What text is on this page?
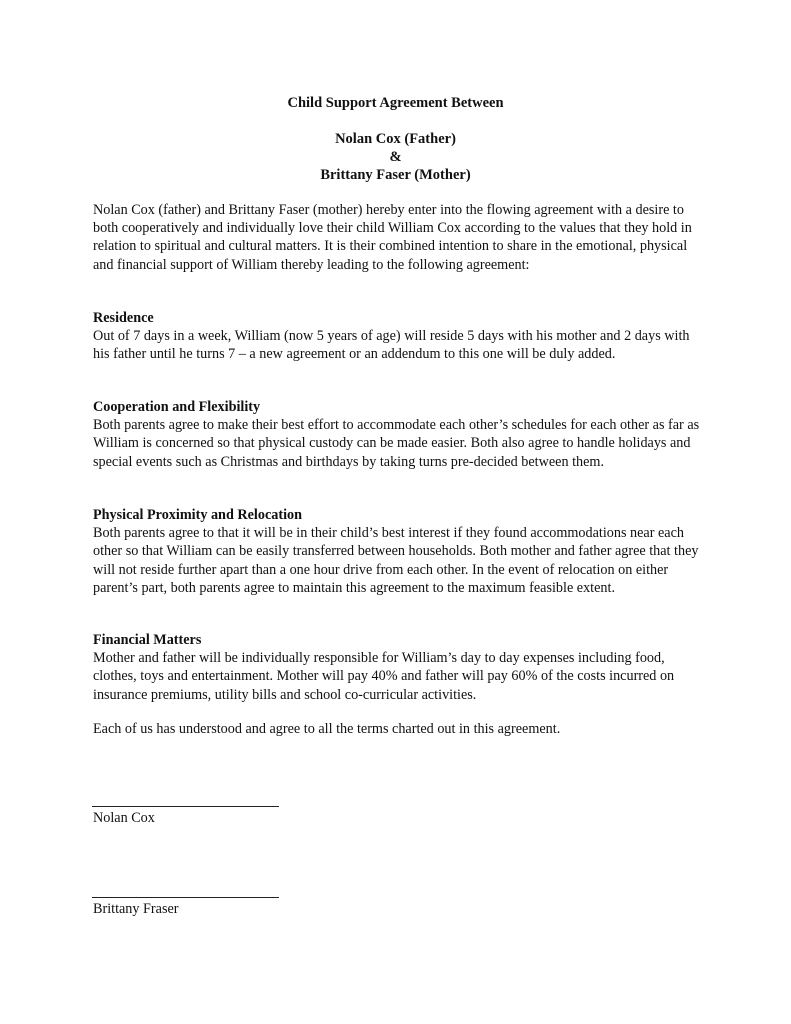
Child Support Agreement Between
Nolan Cox (Father)
&
Brittany Faser (Mother)
Nolan Cox (father) and Brittany Faser (mother) hereby enter into the flowing agreement with a desire to both cooperatively and individually love their child William Cox according to the values that they hold in relation to spiritual and cultural matters. It is their combined intention to share in the emotional, physical and financial support of William thereby leading to the following agreement:
Residence
Out of 7 days in a week, William (now 5 years of age) will reside 5 days with his mother and 2 days with his father until he turns 7 – a new agreement or an addendum to this one will be duly added.
Cooperation and Flexibility
Both parents agree to make their best effort to accommodate each other’s schedules for each other as far as William is concerned so that physical custody can be made easier. Both also agree to handle holidays and special events such as Christmas and birthdays by taking turns pre-decided between them.
Physical Proximity and Relocation
Both parents agree to that it will be in their child’s best interest if they found accommodations near each other so that William can be easily transferred between households. Both mother and father agree that they will not reside further apart than a one hour drive from each other. In the event of relocation on either parent’s part, both parents agree to maintain this agreement to the maximum feasible extent.
Financial Matters
Mother and father will be individually responsible for William’s day to day expenses including food, clothes, toys and entertainment. Mother will pay 40% and father will pay 60% of the costs incurred on insurance premiums, utility bills and school co-curricular activities.
Each of us has understood and agree to all the terms charted out in this agreement.
Nolan Cox
Brittany Fraser
